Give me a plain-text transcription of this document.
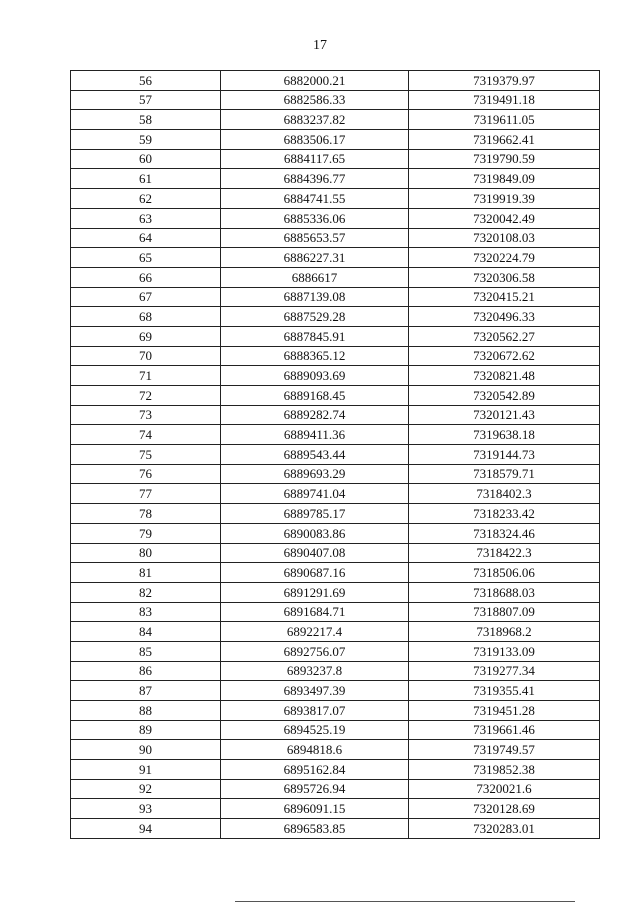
17
56	6882000.21	7319379.97
57	6882586.33	7319491.18
58	6883237.82	7319611.05
59	6883506.17	7319662.41
60	6884117.65	7319790.59
61	6884396.77	7319849.09
62	6884741.55	7319919.39
63	6885336.06	7320042.49
64	6885653.57	7320108.03
65	6886227.31	7320224.79
66	6886617	7320306.58
67	6887139.08	7320415.21
68	6887529.28	7320496.33
69	6887845.91	7320562.27
70	6888365.12	7320672.62
71	6889093.69	7320821.48
72	6889168.45	7320542.89
73	6889282.74	7320121.43
74	6889411.36	7319638.18
75	6889543.44	7319144.73
76	6889693.29	7318579.71
77	6889741.04	7318402.3
78	6889785.17	7318233.42
79	6890083.86	7318324.46
80	6890407.08	7318422.3
81	6890687.16	7318506.06
82	6891291.69	7318688.03
83	6891684.71	7318807.09
84	6892217.4	7318968.2
85	6892756.07	7319133.09
86	6893237.8	7319277.34
87	6893497.39	7319355.41
88	6893817.07	7319451.28
89	6894525.19	7319661.46
90	6894818.6	7319749.57
91	6895162.84	7319852.38
92	6895726.94	7320021.6
93	6896091.15	7320128.69
94	6896583.85	7320283.01
